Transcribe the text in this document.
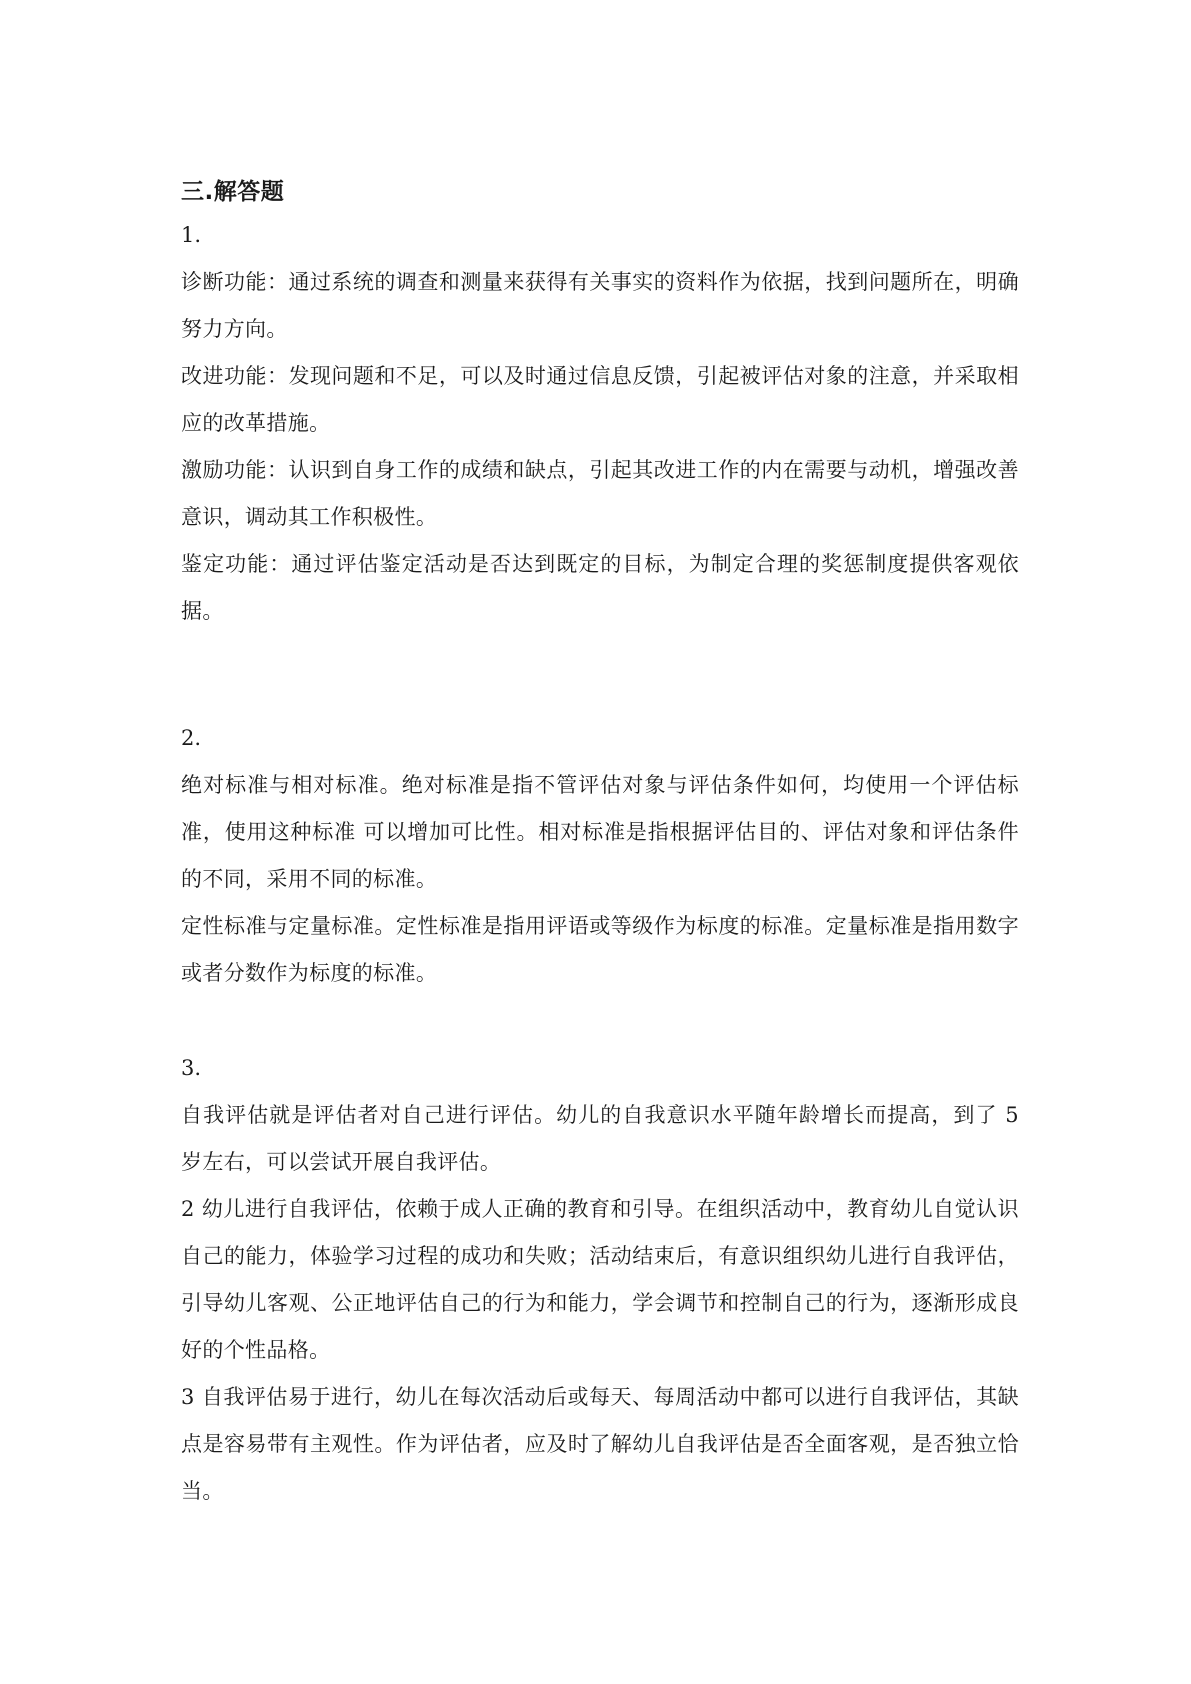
三.解答题

1.

诊断功能：通过系统的调查和测量来获得有关事实的资料作为依据，找到问题所在，明确努力方向。

改进功能：发现问题和不足，可以及时通过信息反馈，引起被评估对象的注意，并采取相应的改革措施。

激励功能：认识到自身工作的成绩和缺点，引起其改进工作的内在需要与动机，增强改善意识，调动其工作积极性。

鉴定功能：通过评估鉴定活动是否达到既定的目标，为制定合理的奖惩制度提供客观依据。

2.

绝对标准与相对标准。绝对标准是指不管评估对象与评估条件如何，均使用一个评估标准，使用这种标准 可以增加可比性。相对标准是指根据评估目的、评估对象和评估条件的不同，采用不同的标准。

定性标准与定量标准。定性标准是指用评语或等级作为标度的标准。定量标准是指用数字或者分数作为标度的标准。

3.

自我评估就是评估者对自己进行评估。幼儿的自我意识水平随年龄增长而提高，到了 5 岁左右，可以尝试开展自我评估。

2 幼儿进行自我评估，依赖于成人正确的教育和引导。在组织活动中，教育幼儿自觉认识自己的能力，体验学习过程的成功和失败；活动结束后，有意识组织幼儿进行自我评估，引导幼儿客观、公正地评估自己的行为和能力，学会调节和控制自己的行为，逐渐形成良好的个性品格。

3 自我评估易于进行，幼儿在每次活动后或每天、每周活动中都可以进行自我评估，其缺点是容易带有主观性。作为评估者，应及时了解幼儿自我评估是否全面客观，是否独立恰当。
